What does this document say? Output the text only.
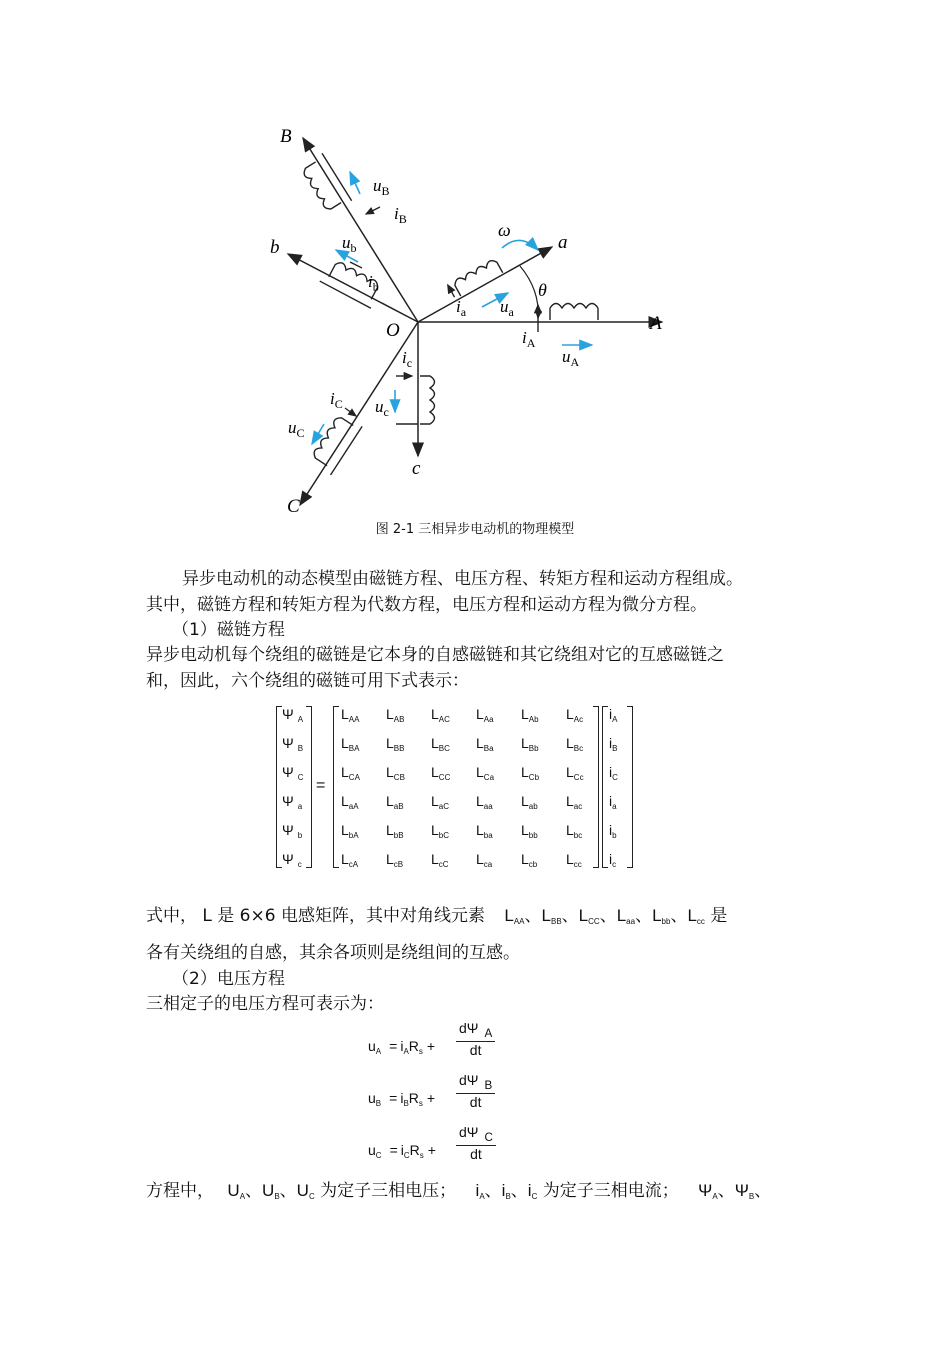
B
b	a
A
c
C
O
ω
θ
$u_B$
$i_B$
$u_b$
$i_b$
$i_a$ $u_a$
$i_A$
$u_A$
$i_c$
$u_c$
$i_C$
$u_C$
图 2-1 三相异步电动机的物理模型
异步电动机的动态模型由磁链方程、电压方程、转矩方程和运动方程组成。
其中，磁链方程和转矩方程为代数方程，电压方程和运动方程为微分方程。
（1）磁链方程
异步电动机每个绕组的磁链是它本身的自感磁链和其它绕组对它的互感磁链之
和，因此，六个绕组的磁链可用下式表示：
Ψ $_A$
Ψ $_B$
Ψ $_C$
Ψ $_a$
Ψ $_b$
Ψ $_c$
=
$L_{AA}$ $L_{AB}$ $L_{AC}$ $L_{Aa}$ $L_{Ab}$ $L_{Ac}$
$L_{BA}$ $L_{BB}$ $L_{BC}$ $L_{Ba}$ $L_{Bb}$ $L_{Bc}$
$L_{CA}$ $L_{CB}$ $L_{CC}$ $L_{Ca}$ $L_{Cb}$ $L_{Cc}$
$L_{aA}$ $L_{aB}$ $L_{aC}$ $L_{aa}$ $L_{ab}$ $L_{ac}$
$L_{bA}$ $L_{bB}$ $L_{bC}$ $L_{ba}$ $L_{bb}$ $L_{bc}$
$L_{cA}$ $L_{cB}$ $L_{cC}$ $L_{ca}$ $L_{cb}$ $L_{cc}$
$i_A$
$i_B$
$i_C$
$i_a$
$i_b$
$i_c$
式中， L 是 6×6 电感矩阵，其中对角线元素 $L_{AA}$、$L_{BB}$、$L_{CC}$、$L_{aa}$、$L_{bb}$、$L_{cc}$ 是
各有关绕组的自感，其余各项则是绕组间的互感。
（2）电压方程
三相定子的电压方程可表示为：
$u_A = i_AR_s$ +
dΨ $_A$
dt
$u_B = i_BR_s$ +
dΨ $_B$
dt
$u_C = i_CR_s$ +
dΨ $_C$
dt
方程中， $U_A$、$U_B$、$U_C$ 为定子三相电压； $i_A$、$i_B$、$i_C$ 为定子三相电流； $\Psi_A$、$\Psi_B$、
